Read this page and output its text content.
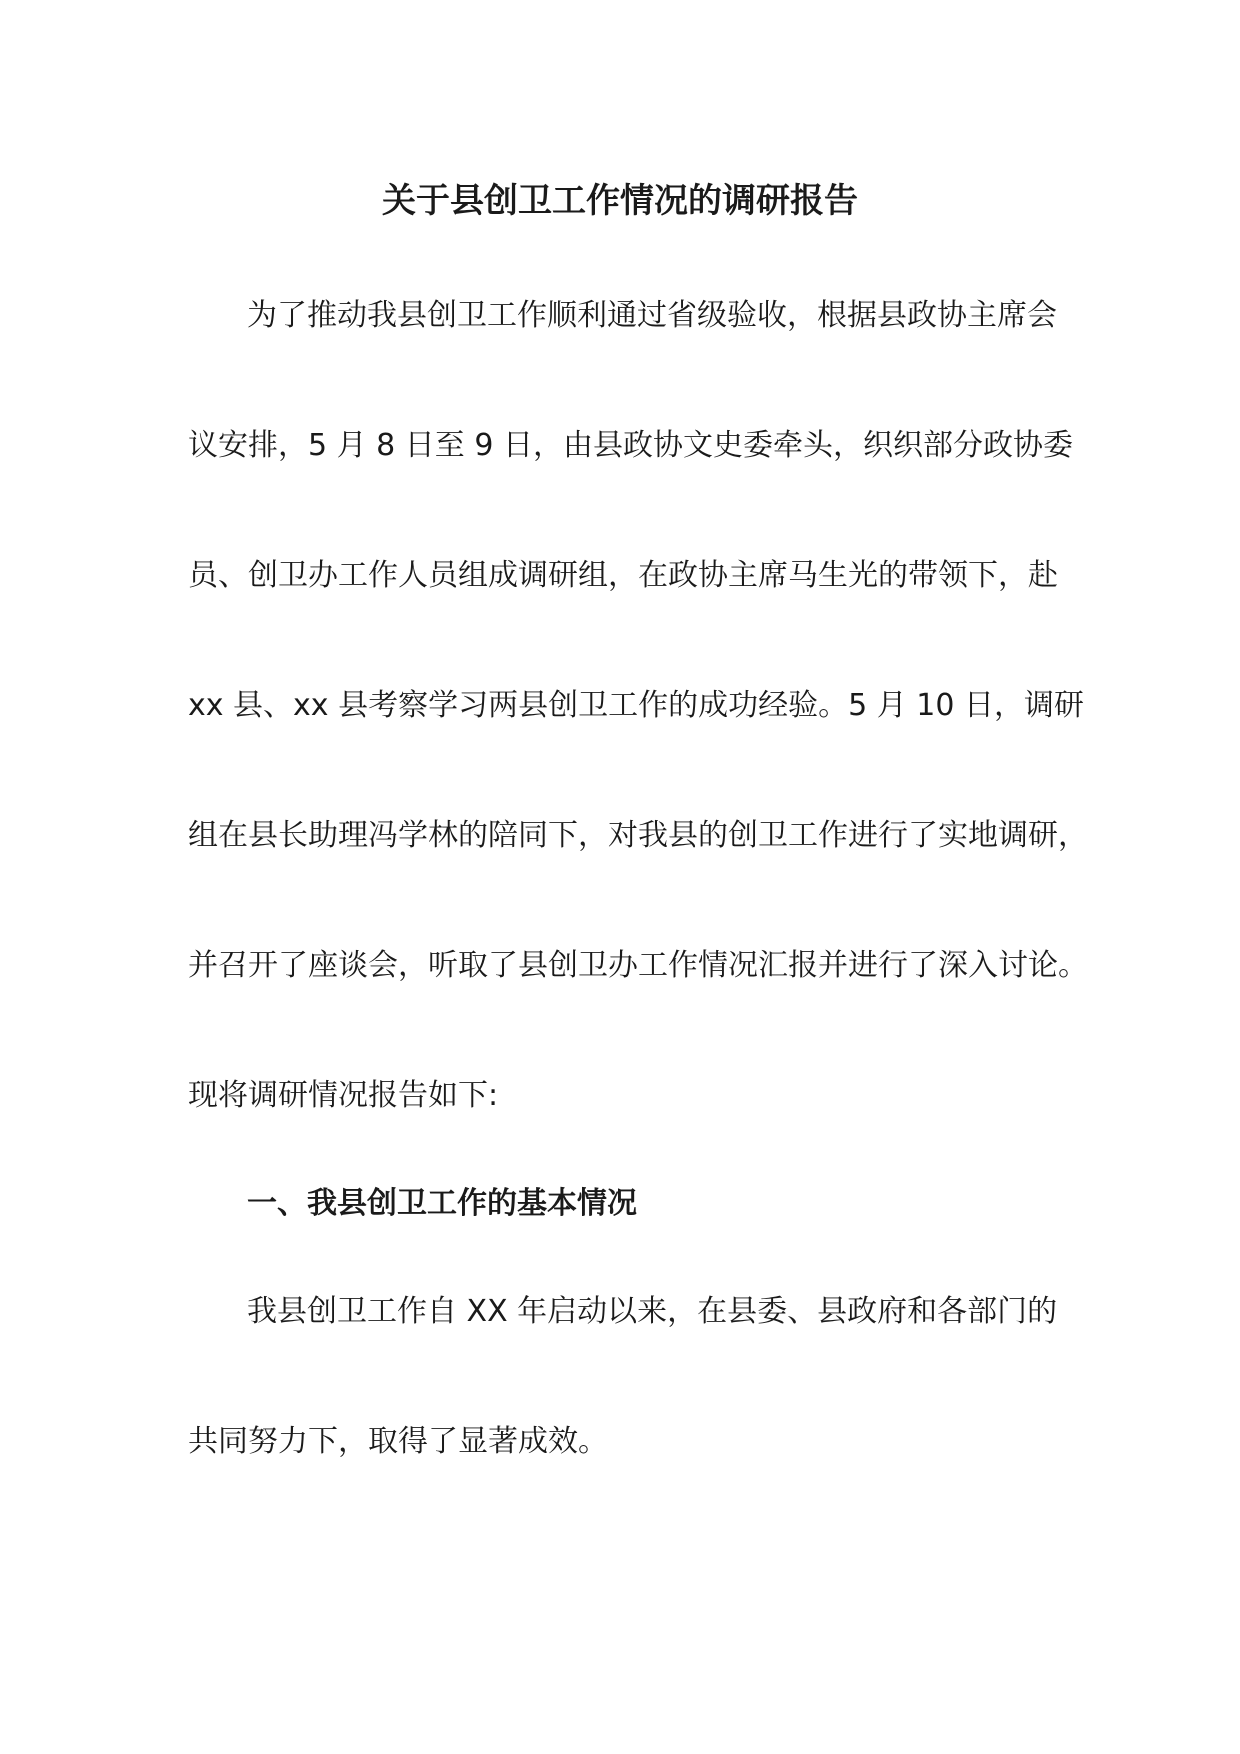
关于县创卫工作情况的调研报告
为了推动我县创卫工作顺利通过省级验收，根据县政协主席会
议安排，5 月 8 日至 9 日，由县政协文史委牵头，织织部分政协委
员、创卫办工作人员组成调研组，在政协主席马生光的带领下，赴
xx 县、xx 县考察学习两县创卫工作的成功经验。5 月 10 日，调研
组在县长助理冯学林的陪同下，对我县的创卫工作进行了实地调研，
并召开了座谈会，听取了县创卫办工作情况汇报并进行了深入讨论。
现将调研情况报告如下:
一、我县创卫工作的基本情况
我县创卫工作自 XX 年启动以来，在县委、县政府和各部门的
共同努力下，取得了显著成效。
